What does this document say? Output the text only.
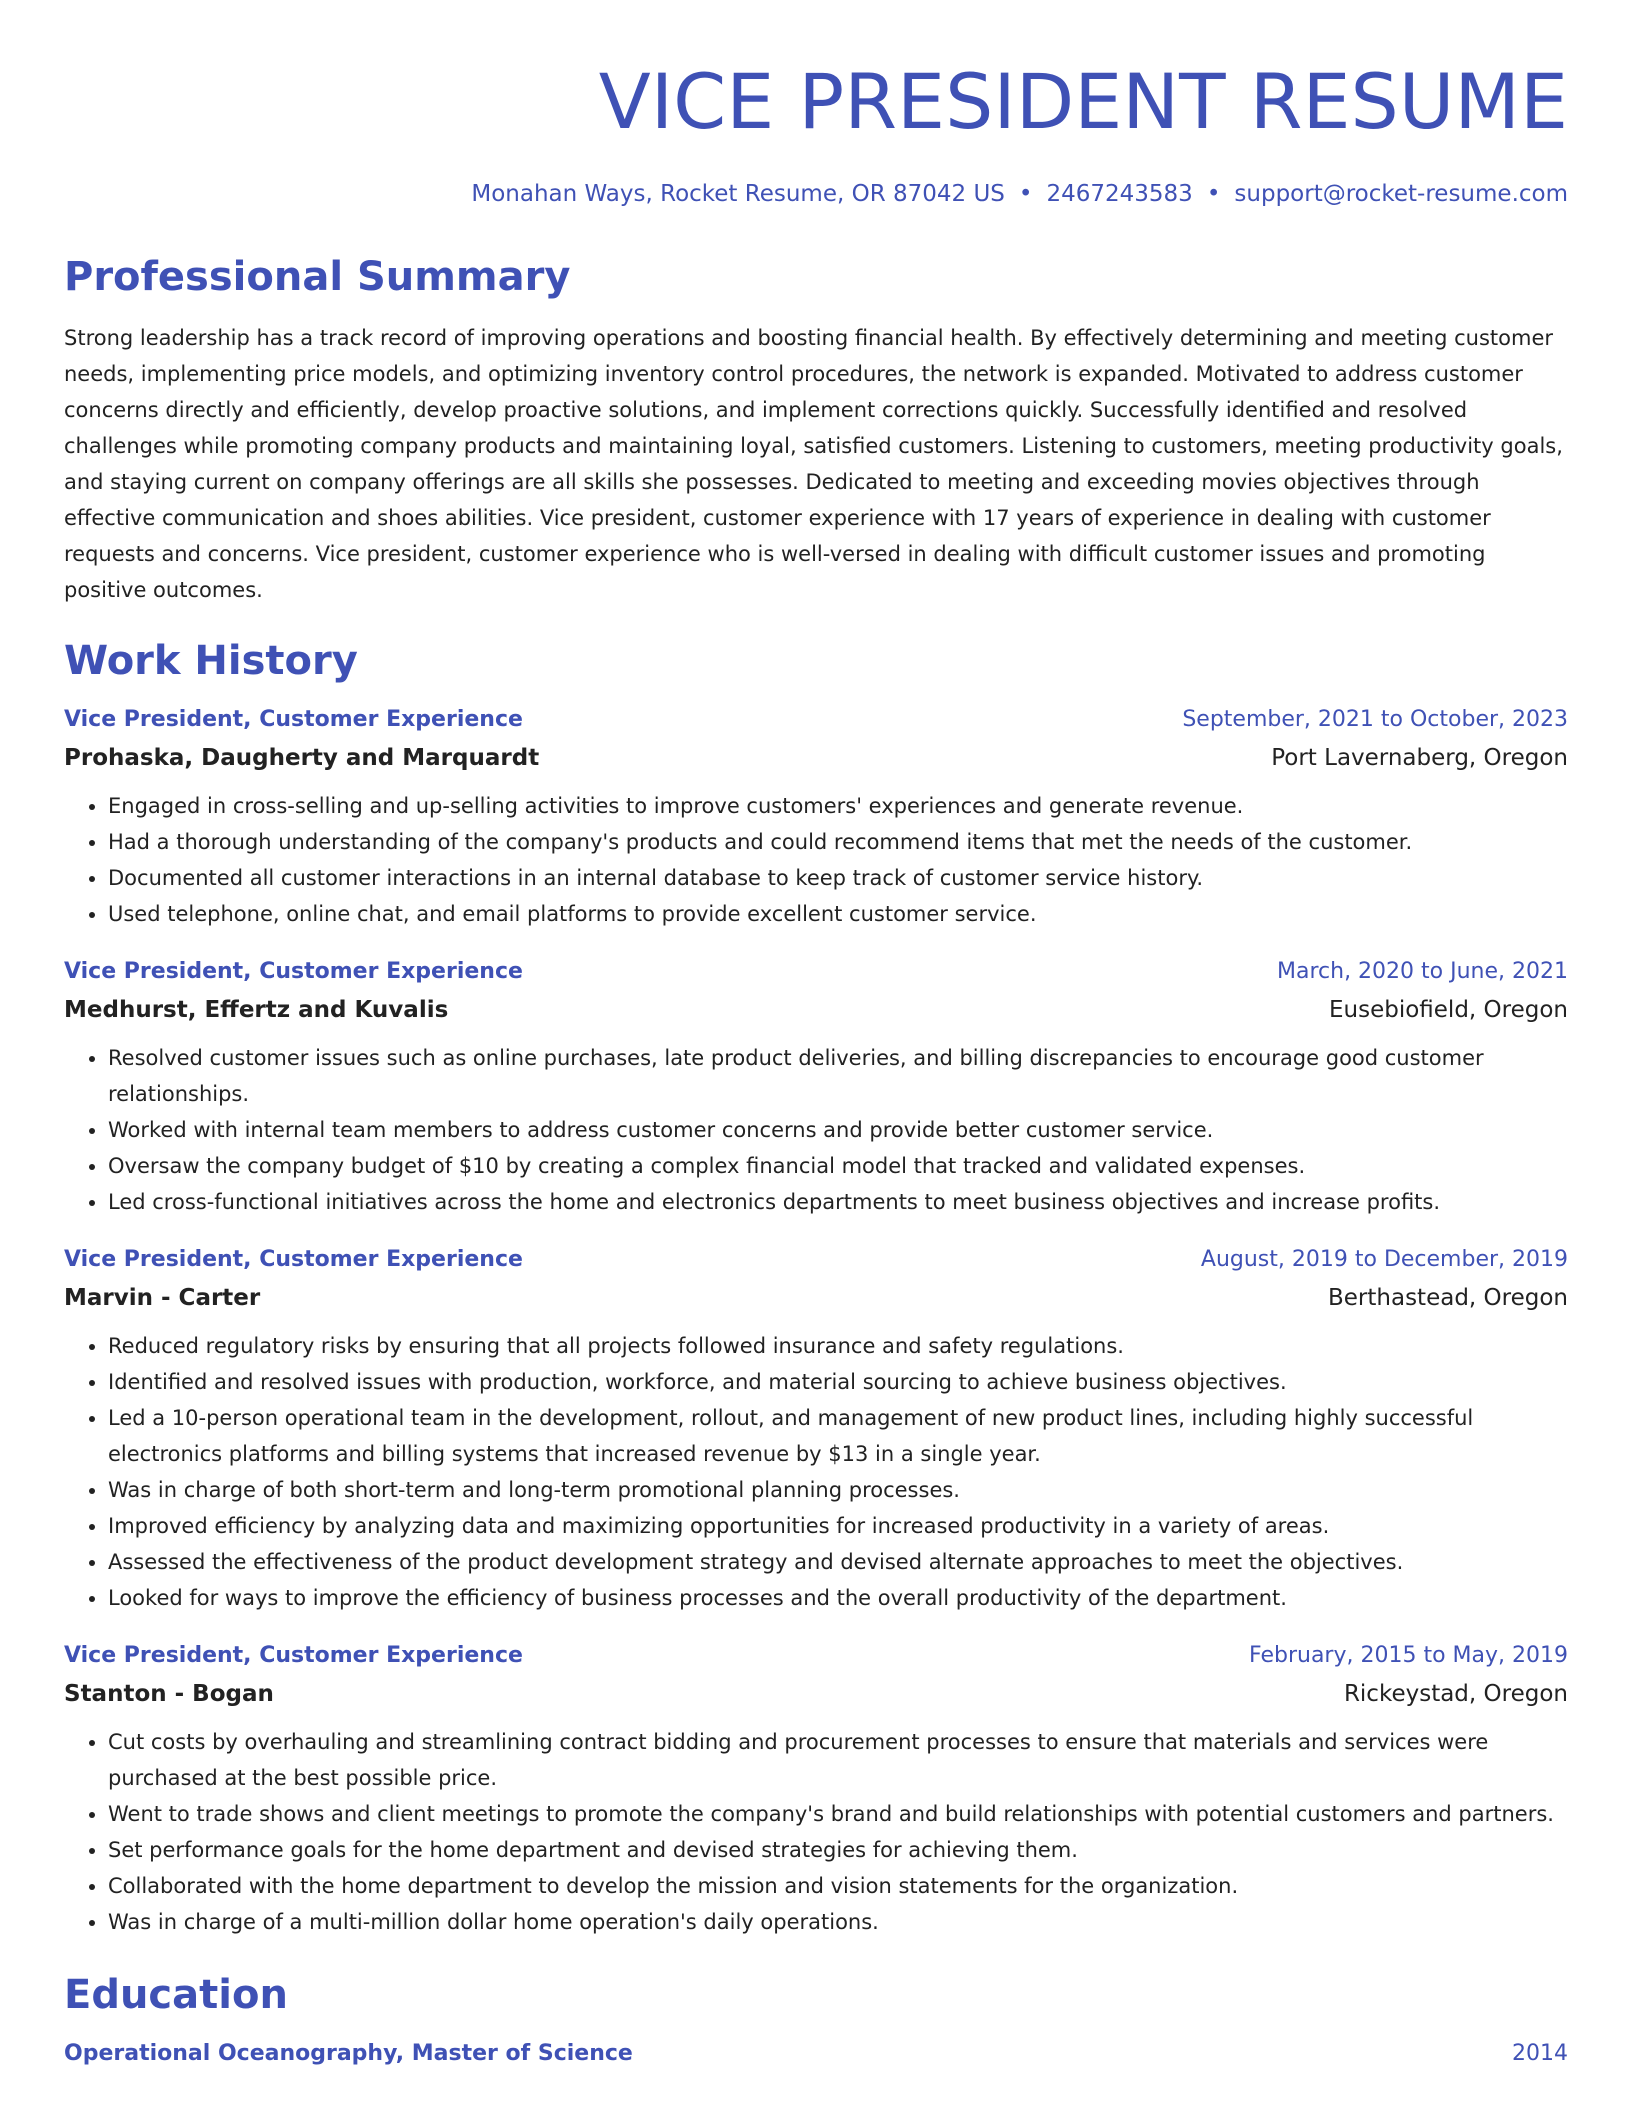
VICE PRESIDENT RESUME
Monahan Ways, Rocket Resume, OR 87042 US • 2467243583 • support@rocket-resume.com
Professional Summary
Strong leadership has a track record of improving operations and boosting financial health. By effectively determining and meeting customer needs, implementing price models, and optimizing inventory control procedures, the network is expanded. Motivated to address customer concerns directly and efficiently, develop proactive solutions, and implement corrections quickly. Successfully identified and resolved challenges while promoting company products and maintaining loyal, satisfied customers. Listening to customers, meeting productivity goals, and staying current on company offerings are all skills she possesses. Dedicated to meeting and exceeding movies objectives through effective communication and shoes abilities. Vice president, customer experience with 17 years of experience in dealing with customer requests and concerns. Vice president, customer experience who is well-versed in dealing with difficult customer issues and promoting positive outcomes.
Work History
Vice President, Customer Experience	September, 2021 to October, 2023
Prohaska, Daugherty and Marquardt	Port Lavernaberg, Oregon
• Engaged in cross-selling and up-selling activities to improve customers' experiences and generate revenue.
• Had a thorough understanding of the company's products and could recommend items that met the needs of the customer.
• Documented all customer interactions in an internal database to keep track of customer service history.
• Used telephone, online chat, and email platforms to provide excellent customer service.
Vice President, Customer Experience	March, 2020 to June, 2021
Medhurst, Effertz and Kuvalis	Eusebiofield, Oregon
• Resolved customer issues such as online purchases, late product deliveries, and billing discrepancies to encourage good customer relationships.
• Worked with internal team members to address customer concerns and provide better customer service.
• Oversaw the company budget of $10 by creating a complex financial model that tracked and validated expenses.
• Led cross-functional initiatives across the home and electronics departments to meet business objectives and increase profits.
Vice President, Customer Experience	August, 2019 to December, 2019
Marvin - Carter	Berthastead, Oregon
• Reduced regulatory risks by ensuring that all projects followed insurance and safety regulations.
• Identified and resolved issues with production, workforce, and material sourcing to achieve business objectives.
• Led a 10-person operational team in the development, rollout, and management of new product lines, including highly successful electronics platforms and billing systems that increased revenue by $13 in a single year.
• Was in charge of both short-term and long-term promotional planning processes.
• Improved efficiency by analyzing data and maximizing opportunities for increased productivity in a variety of areas.
• Assessed the effectiveness of the product development strategy and devised alternate approaches to meet the objectives.
• Looked for ways to improve the efficiency of business processes and the overall productivity of the department.
Vice President, Customer Experience	February, 2015 to May, 2019
Stanton - Bogan	Rickeystad, Oregon
• Cut costs by overhauling and streamlining contract bidding and procurement processes to ensure that materials and services were purchased at the best possible price.
• Went to trade shows and client meetings to promote the company's brand and build relationships with potential customers and partners.
• Set performance goals for the home department and devised strategies for achieving them.
• Collaborated with the home department to develop the mission and vision statements for the organization.
• Was in charge of a multi-million dollar home operation's daily operations.
Education
Operational Oceanography, Master of Science	2014
